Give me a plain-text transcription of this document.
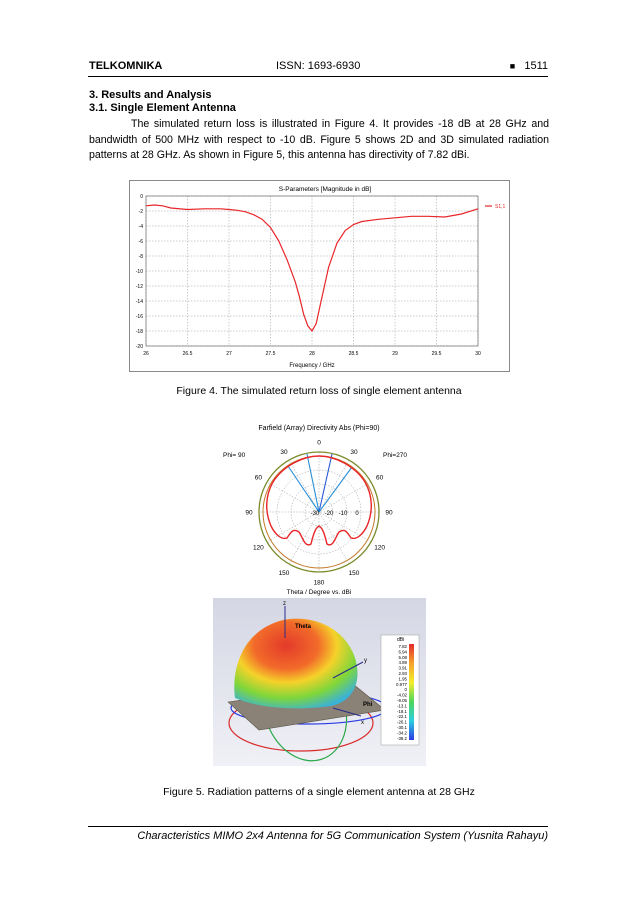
TELKOMNIKA	ISSN: 1693-6930	■ 1511
3. Results and Analysis
3.1. Single Element Antenna
The simulated return loss is illustrated in Figure 4. It provides -18 dB at 28 GHz and bandwidth of 500 MHz with respect to -10 dB. Figure 5 shows 2D and 3D simulated radiation patterns at 28 GHz. As shown in Figure 5, this antenna has directivity of 7.82 dBi.
S-Parameters [Magnitude in dB]
Frequency / GHz
0
-2
-4
-6
-8
-10
-12
-14
-16
-18
-20
26	26.5	27	27.5	28	28.5	29	29.5	30
S1,1
Figure 4. The simulated return loss of single element antenna
Farfield (Array) Directivity Abs (Phi=90)
Phi= 90	Phi=270
Theta / Degree vs. dBi
0
30	30
60	60
90	90
120	120
150	150
180
-30 -20 -10 0
z
y
x
Theta
Phi
dBi
7.82
6.94
5.08
4.89
3.91
2.93
1.95
0.977
0
-4.02
-9.05
-13.1
-18.1
-22.1
-26.1
-30.1
-34.2
-38.2
Figure 5. Radiation patterns of a single element antenna at 28 GHz
Characteristics MIMO 2x4 Antenna for 5G Communication System (Yusnita Rahayu)
